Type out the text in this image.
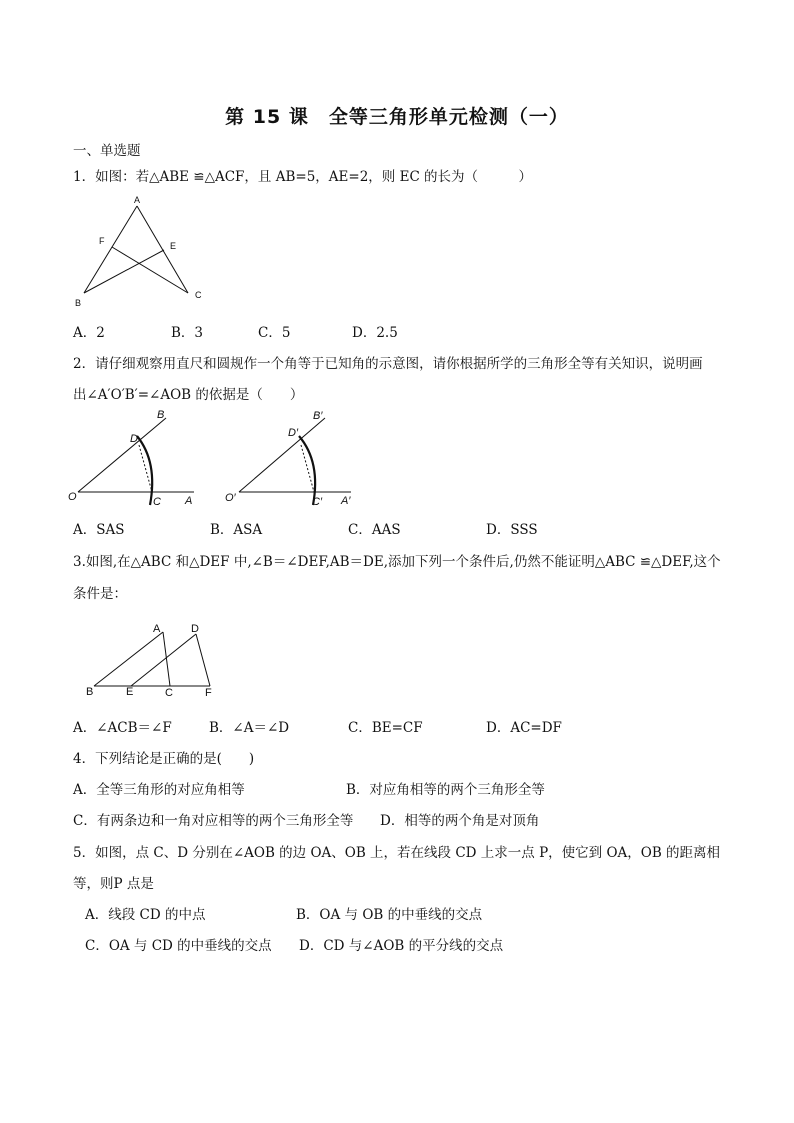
第 15 课　全等三角形单元检测（一）
一、单选题
1．如图：若△ABE ≌△ACF，且 AB=5，AE=2，则 EC 的长为（　　　）
A
B
C
F	E
A．2	B．3	C．5	D．2.5
2．请仔细观察用直尺和圆规作一个角等于已知角的示意图，请你根据所学的三角形全等有关知识，说明画
出∠A′O′B′=∠AOB 的依据是（　　）
O	A
B
C
D
O′	A′
B′
C′
D′
A．SAS	B．ASA	C．AAS	D．SSS
3.如图,在△ABC 和△DEF 中,∠B＝∠DEF,AB＝DE,添加下列一个条件后,仍然不能证明△ABC ≌△DEF,这个
条件是：
A	D
B	E	C	F
A．∠ACB＝∠F	B．∠A＝∠D	C．BE=CF	D．AC=DF
4．下列结论是正确的是(　　)
A．全等三角形的对应角相等	B．对应角相等的两个三角形全等
C．有两条边和一角对应相等的两个三角形全等 D．相等的两个角是对顶角
5．如图，点 C、D 分别在∠AOB 的边 OA、OB 上，若在线段 CD 上求一点 P，使它到 OA，OB 的距离相
等，则P 点是
A．线段 CD 的中点	B．OA 与 OB 的中垂线的交点
C．OA 与 CD 的中垂线的交点 D．CD 与∠AOB 的平分线的交点
